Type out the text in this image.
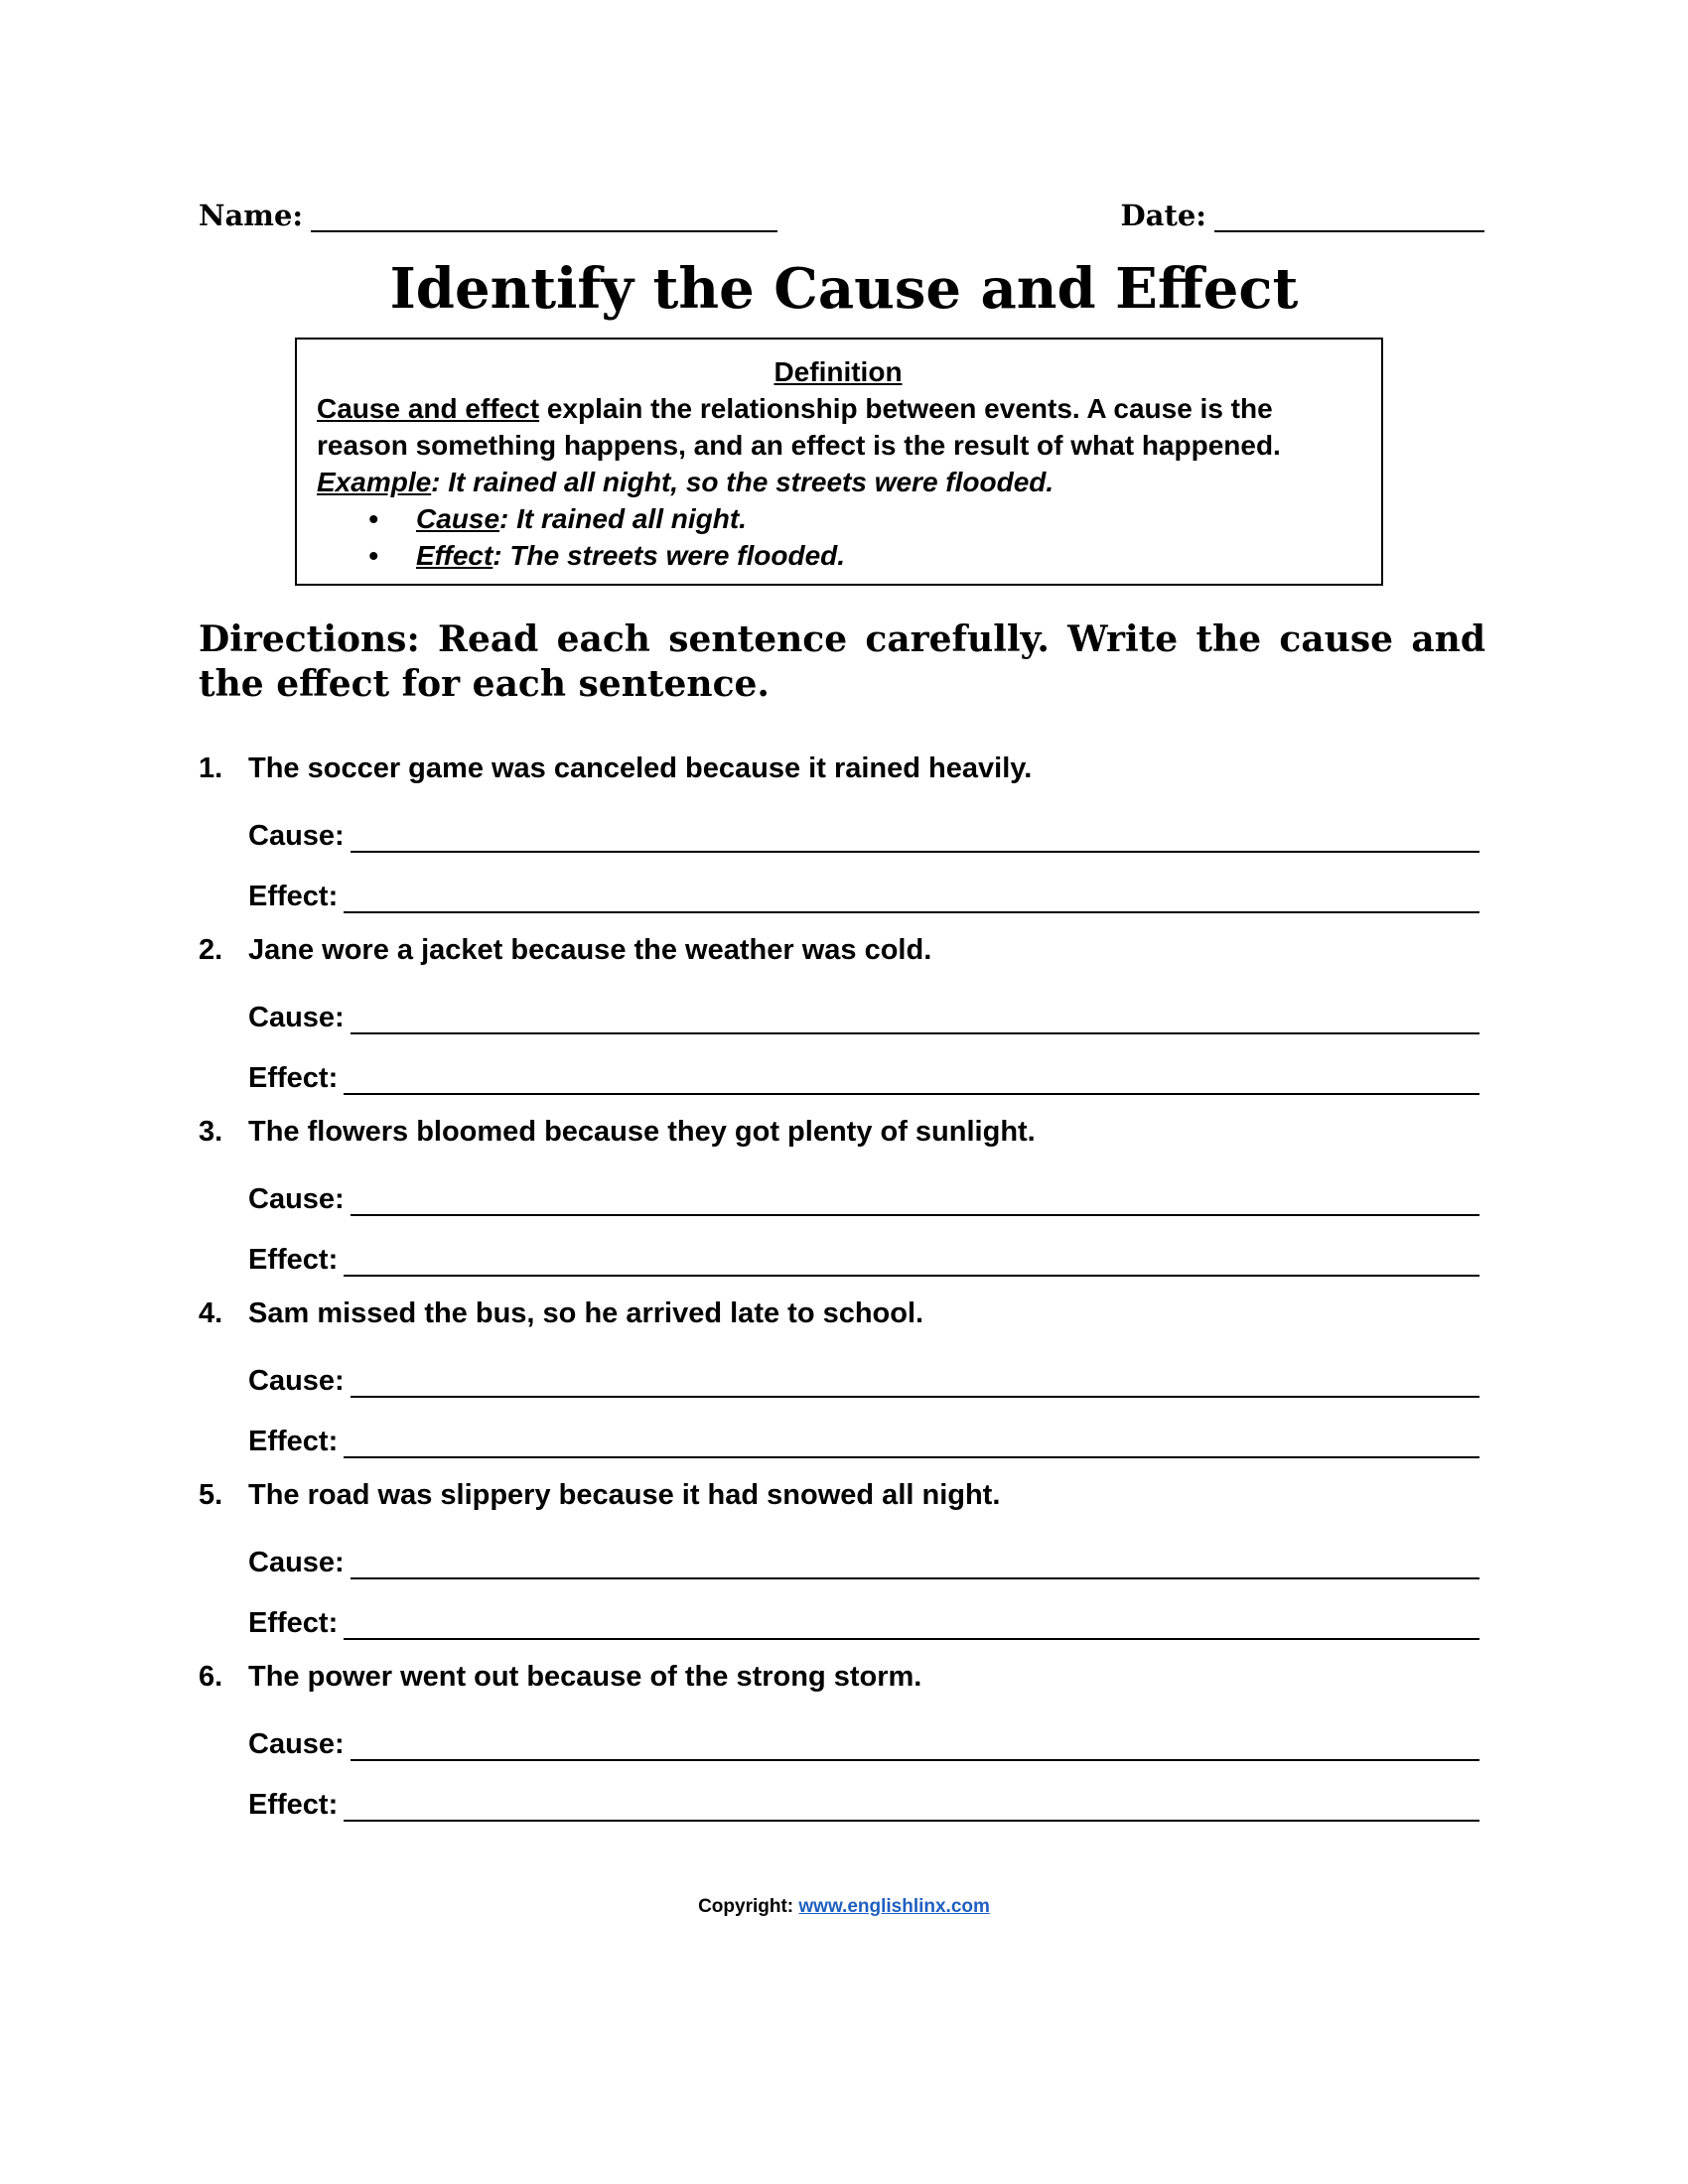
Name:	Date:
Identify the Cause and Effect
Definition
Cause and effect explain the relationship between events. A cause is the reason something happens, and an effect is the result of what happened.
Example: It rained all night, so the streets were flooded.
• Cause: It rained all night.
• Effect: The streets were flooded.
Directions: Read each sentence carefully. Write the cause and the effect for each sentence.
1. The soccer game was canceled because it rained heavily.
Cause:
Effect:
2. Jane wore a jacket because the weather was cold.
Cause:
Effect:
3. The flowers bloomed because they got plenty of sunlight.
Cause:
Effect:
4. Sam missed the bus, so he arrived late to school.
Cause:
Effect:
5. The road was slippery because it had snowed all night.
Cause:
Effect:
6. The power went out because of the strong storm.
Cause:
Effect:
Copyright: www.englishlinx.com
